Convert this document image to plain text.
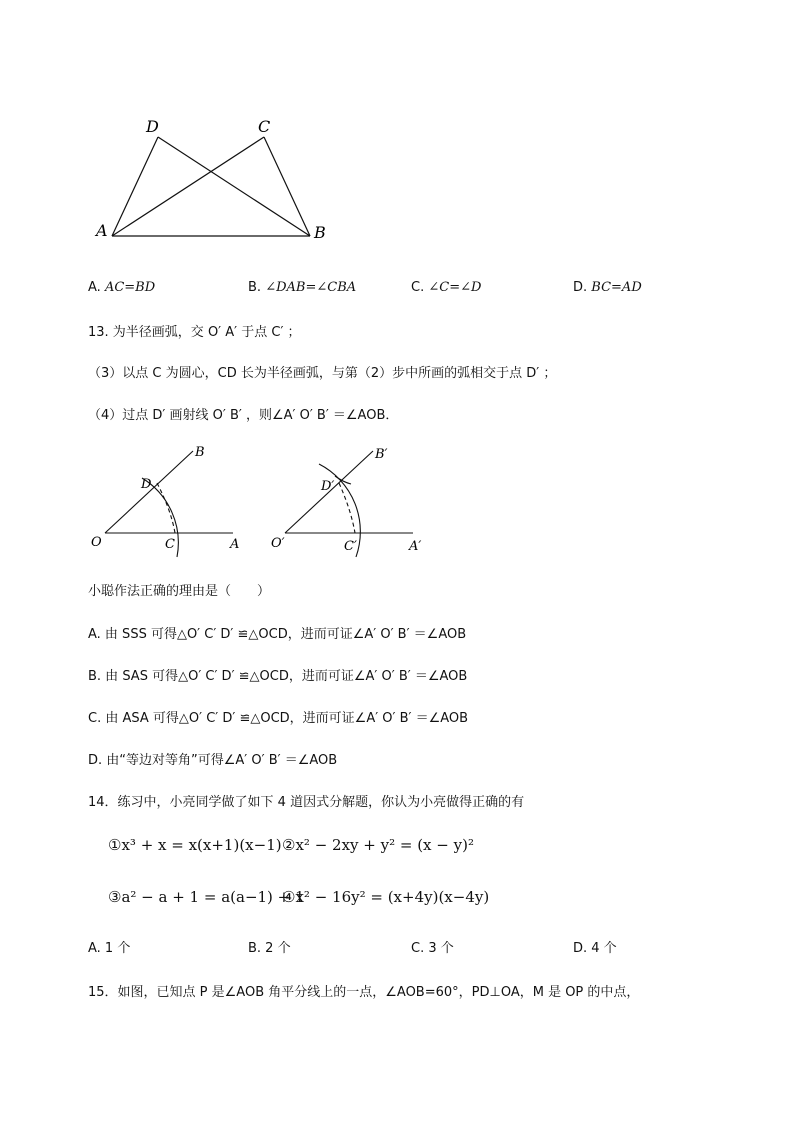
D	C
A	B
A. AC=BD	B. ∠DAB=∠CBA	C. ∠C=∠D	D. BC=AD
13. 为半径画弧，交 O′ A′ 于点 C′ ；
（3）以点 C 为圆心，CD 长为半径画弧，与第（2）步中所画的弧相交于点 D′ ；
（4）过点 D′ 画射线 O′ B′ ，则∠A′ O′ B′ ＝∠AOB．
B
D
O	C	A
B′
D′
O′	C′	A′
小聪作法正确的理由是（　　）
A. 由 SSS 可得△O′ C′ D′ ≌△OCD，进而可证∠A′ O′ B′ ＝∠AOB
B. 由 SAS 可得△O′ C′ D′ ≌△OCD，进而可证∠A′ O′ B′ ＝∠AOB
C. 由 ASA 可得△O′ C′ D′ ≌△OCD，进而可证∠A′ O′ B′ ＝∠AOB
D. 由“等边对等角”可得∠A′ O′ B′ ＝∠AOB
14．练习中，小亮同学做了如下 4 道因式分解题，你认为小亮做得正确的有
①x³ + x = x(x+1)(x−1) ②x² − 2xy + y² = (x − y)²
③a² − a + 1 = a(a−1) + 1
④x² − 16y² = (x+4y)(x−4y)
A. 1 个	B. 2 个	C. 3 个	D. 4 个
15．如图，已知点 P 是∠AOB 角平分线上的一点，∠AOB=60°，PD⊥OA，M 是 OP 的中点，
